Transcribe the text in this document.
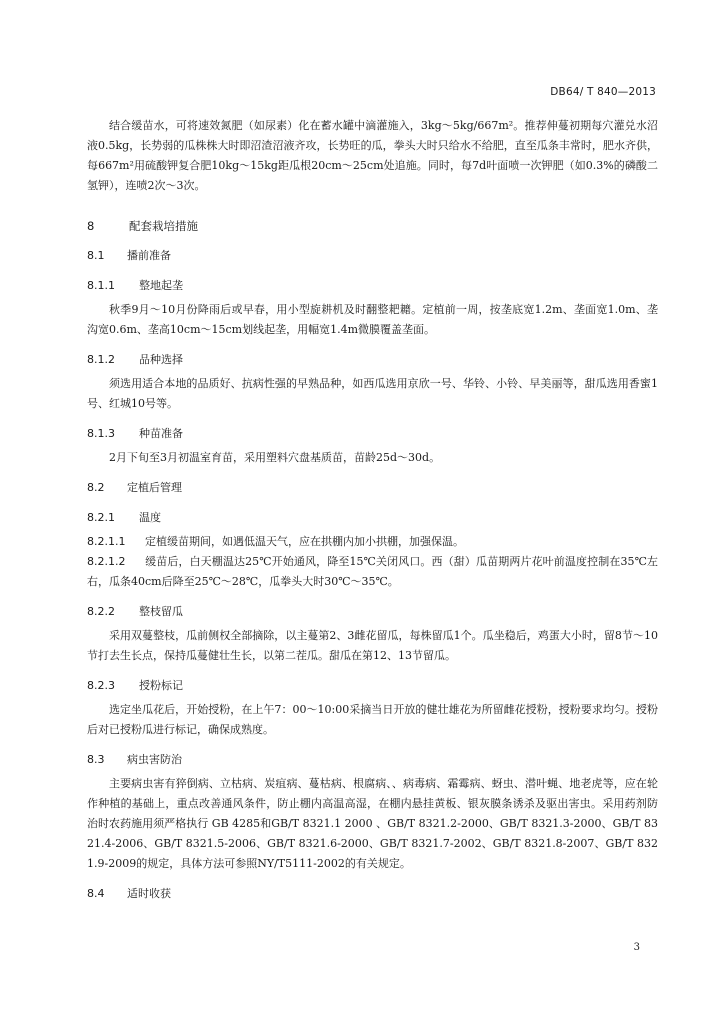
DB64/ T 840—2013

结合缓苗水，可将速效氮肥（如尿素）化在蓄水罐中滴灌施入，3kg～5kg/667m²。推荐伸蔓初期每穴灌兑水沼液0.5kg，长势弱的瓜株株大时即沼渣沼液齐攻，长势旺的瓜，拳头大时只给水不给肥，直至瓜条丰常时，肥水齐供，每667m²用硫酸钾复合肥10kg～15kg距瓜根20cm～25cm处追施。同时，每7d叶面喷一次钾肥（如0.3%的磷酸二氢钾），连喷2次～3次。

8	配套栽培措施
8.1 播前准备
8.1.1 整地起垄

秋季9月～10月份降雨后或早春，用小型旋耕机及时翻整耙耱。定植前一周，按垄底宽1.2m、垄面宽1.0m、垄沟宽0.6m、垄高10cm～15cm划线起垄，用幅宽1.4m微膜覆盖垄面。

8.1.2 品种选择

须选用适合本地的品质好、抗病性强的早熟品种，如西瓜选用京欣一号、华铃、小铃、早美丽等，甜瓜选用香蜜1号、红城10号等。

8.1.3 种苗准备

2月下旬至3月初温室育苗，采用塑料穴盘基质苗，苗龄25d～30d。

8.2 定植后管理
8.2.1 温度
8.2.1.1 定植缓苗期间，如遇低温天气，应在拱棚内加小拱棚，加强保温。
8.2.1.2 缓苗后，白天棚温达25℃开始通风，降至15℃关闭风口。西（甜）瓜苗期两片花叶前温度控制在35℃左右，瓜条40cm后降至25℃～28℃，瓜拳头大时30℃～35℃。
8.2.2 整枝留瓜

采用双蔓整枝，瓜前侧权全部摘除，以主蔓第2、3雌花留瓜，每株留瓜1个。瓜坐稳后，鸡蛋大小时，留8节～10节打去生长点，保持瓜蔓健壮生长，以第二茬瓜。甜瓜在第12、13节留瓜。

8.2.3 授粉标记

选定坐瓜花后，开始授粉，在上午7：00～10:00采摘当日开放的健壮雄花为所留雌花授粉，授粉要求均匀。授粉后对已授粉瓜进行标记，确保成熟度。

8.3 病虫害防治

主要病虫害有猝倒病、立枯病、炭疽病、蔓枯病、根腐病、、病毒病、霜霉病、蚜虫、潜叶蝇、地老虎等，应在轮作种植的基础上，重点改善通风条件，防止棚内高温高湿，在棚内悬挂黄板、银灰膜条诱杀及驱出害虫。采用药剂防治时农药施用须严格执行 GB 4285和GB/T 8321.1 2000 、GB/T 8321.2-2000、GB/T 8321.3-2000、GB/T 8321.4-2006、GB/T 8321.5-2006、GB/T 8321.6-2000、GB/T 8321.7-2002、GB/T 8321.8-2007、GB/T 8321.9-2009的规定，具体方法可参照NY/T5111-2002的有关规定。

8.4 适时收获
3
